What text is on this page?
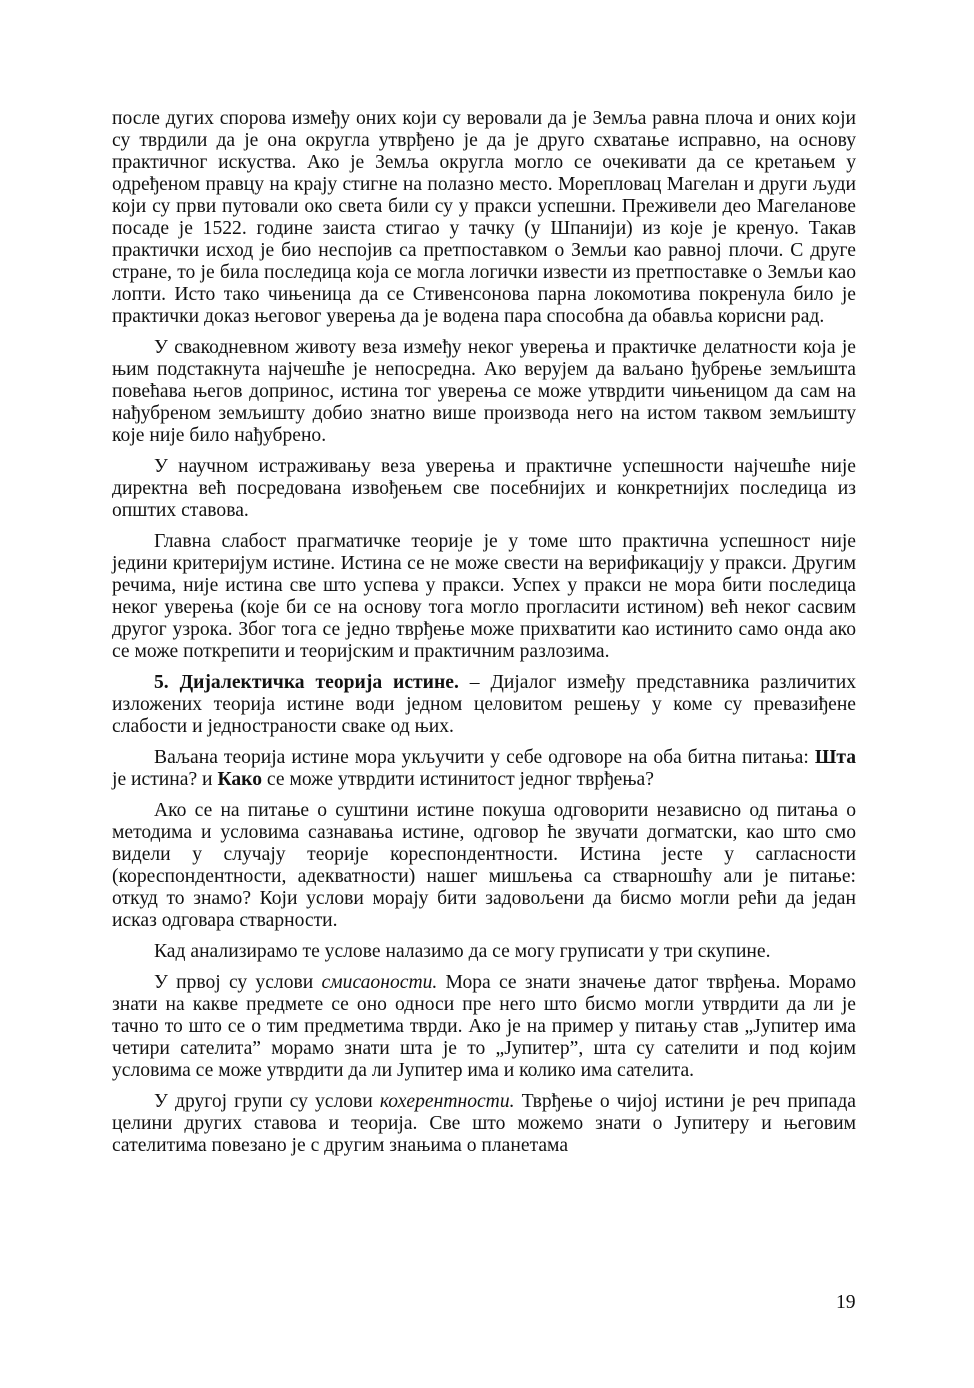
после дугих спорова између оних који су веровали да је Земља равна плоча и оних који су тврдили да је она округла утврђено је да је друго схватање исправно, на основу практичног искуства. Ако је Земља округла могло се очекивати да се кретањем у одређеном правцу на крају стигне на полазно место. Морепловац Магелан и други људи који су први путовали око света били су у пракси успешни. Преживели део Магеланове посаде је 1522. године заиста стигао у тачку (у Шпанији) из које је кренуо. Такав практички исход је био неспојив са претпоставком о Земљи као равној плочи. С друге стране, то је била последица која се могла логички извести из претпоставке о Земљи као лопти. Исто тако чињеница да се Стивенсонова парна локомотива покренула било је практички доказ његовог уверења да је водена пара способна да обавља корисни рад.

У свакодневном животу веза између неког уверења и практичке делатности која је њим подстакнута најчешће је непосредна. Ако верујем да ваљано ђубрење земљишта повећава његов допринос, истина тог уверења се може утврдити чињеницом да сам на нађубреном земљишту добио знатно више производа него на истом таквом земљишту које није било нађубрено.

У научном истраживању веза уверења и практичне успешности најчешће није директна већ посредована извођењем све посебнијих и конкретнијих последица из општих ставова.

Главна слабост прагматичке теорије је у томе што практична успешност није једини критеријум истине. Истина се не може свести на верификацију у пракси. Другим речима, није истина све што успева у пракси. Успех у пракси не мора бити последица неког уверења (које би се на основу тога могло прогласити истином) већ неког сасвим другог узрока. Због тога се једно тврђење може прихватити као истинито само онда ако се може поткрепити и теоријским и практичним разлозима.

5. Дијалектичка теорија истине. – Дијалог између представника различитих изложених теорија истине води једном целовитом решењу у коме су превазиђене слабости и једностраности сваке од њих.

Ваљана теорија истине мора укључити у себе одговоре на оба битна питања: Шта је истина? и Како се може утврдити истинитост једног тврђења?

Ако се на питање о суштини истине покуша одговорити независно од питања о методима и условима сазнавања истине, одговор ће звучати догматски, као што смо видели у случају теорије кореспондентности. Истина јесте у сагласности (кореспондентности, адекватности) нашег мишљења са стварношћу али је питање: откуд то знамо? Који услови морају бити задовољени да бисмо могли рећи да један исказ одговара стварности.

Кад анализирамо те услове налазимо да се могу груписати у три скупине.

У првој су услови смисаоности. Мора се знати значење датог тврђења. Морамо знати на какве предмете се оно односи пре него што бисмо могли утврдити да ли је тачно то што се о тим предметима тврди. Ако је на пример у питању став „Јупитер има четири сателита” морамо знати шта је то „Јупитер”, шта су сателити и под којим условима се може утврдити да ли Јупитер има и колико има сателита.

У другој групи су услови кохерентности. Тврђење о чијој истини је реч припада целини других ставова и теорија. Све што можемо знати о Јупитеру и његовим сателитима повезано је с другим знањима о планетама

19
